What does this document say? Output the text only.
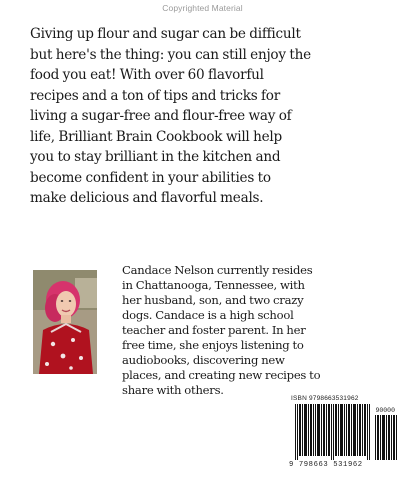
Copyrighted Material

Giving up flour and sugar can be difficult
but here's the thing: you can still enjoy the
food you eat! With over 60 flavorful
recipes and a ton of tips and tricks for
living a sugar-free and flour-free way of
life, Brilliant Brain Cookbook will help
you to stay brilliant in the kitchen and
become confident in your abilities to
make delicious and flavorful meals.

Candace Nelson currently resides
in Chattanooga, Tennessee, with
her husband, son, and two crazy
dogs. Candace is a high school
teacher and foster parent. In her
free time, she enjoys listening to
audiobooks, discovering new
places, and creating new recipes to
share with others.

ISBN 9798663531962
90000
9 798663 531962
